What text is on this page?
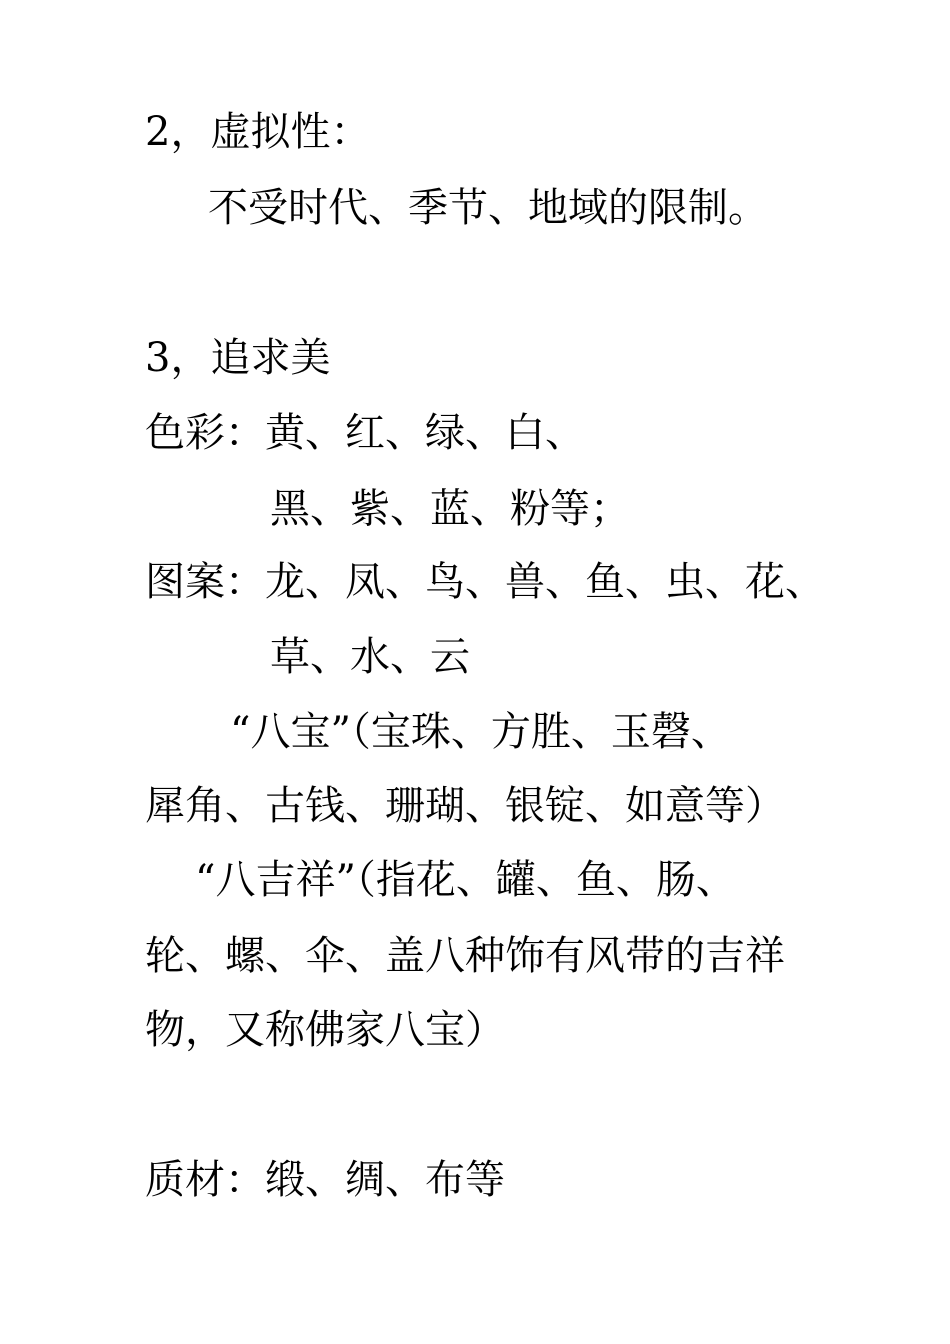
2，虚拟性：
不受时代、季节、地域的限制。
3，追求美
色彩：黄、红、绿、白、
黑、紫、蓝、粉等；
图案：龙、凤、鸟、兽、鱼、虫、花、
草、水、云
“八宝”（宝珠、方胜、玉磬、
犀角、古钱、珊瑚、银锭、如意等）
“八吉祥”（指花、罐、鱼、肠、
轮、螺、伞、盖八种饰有风带的吉祥
物，又称佛家八宝）
质材：缎、绸、布等
